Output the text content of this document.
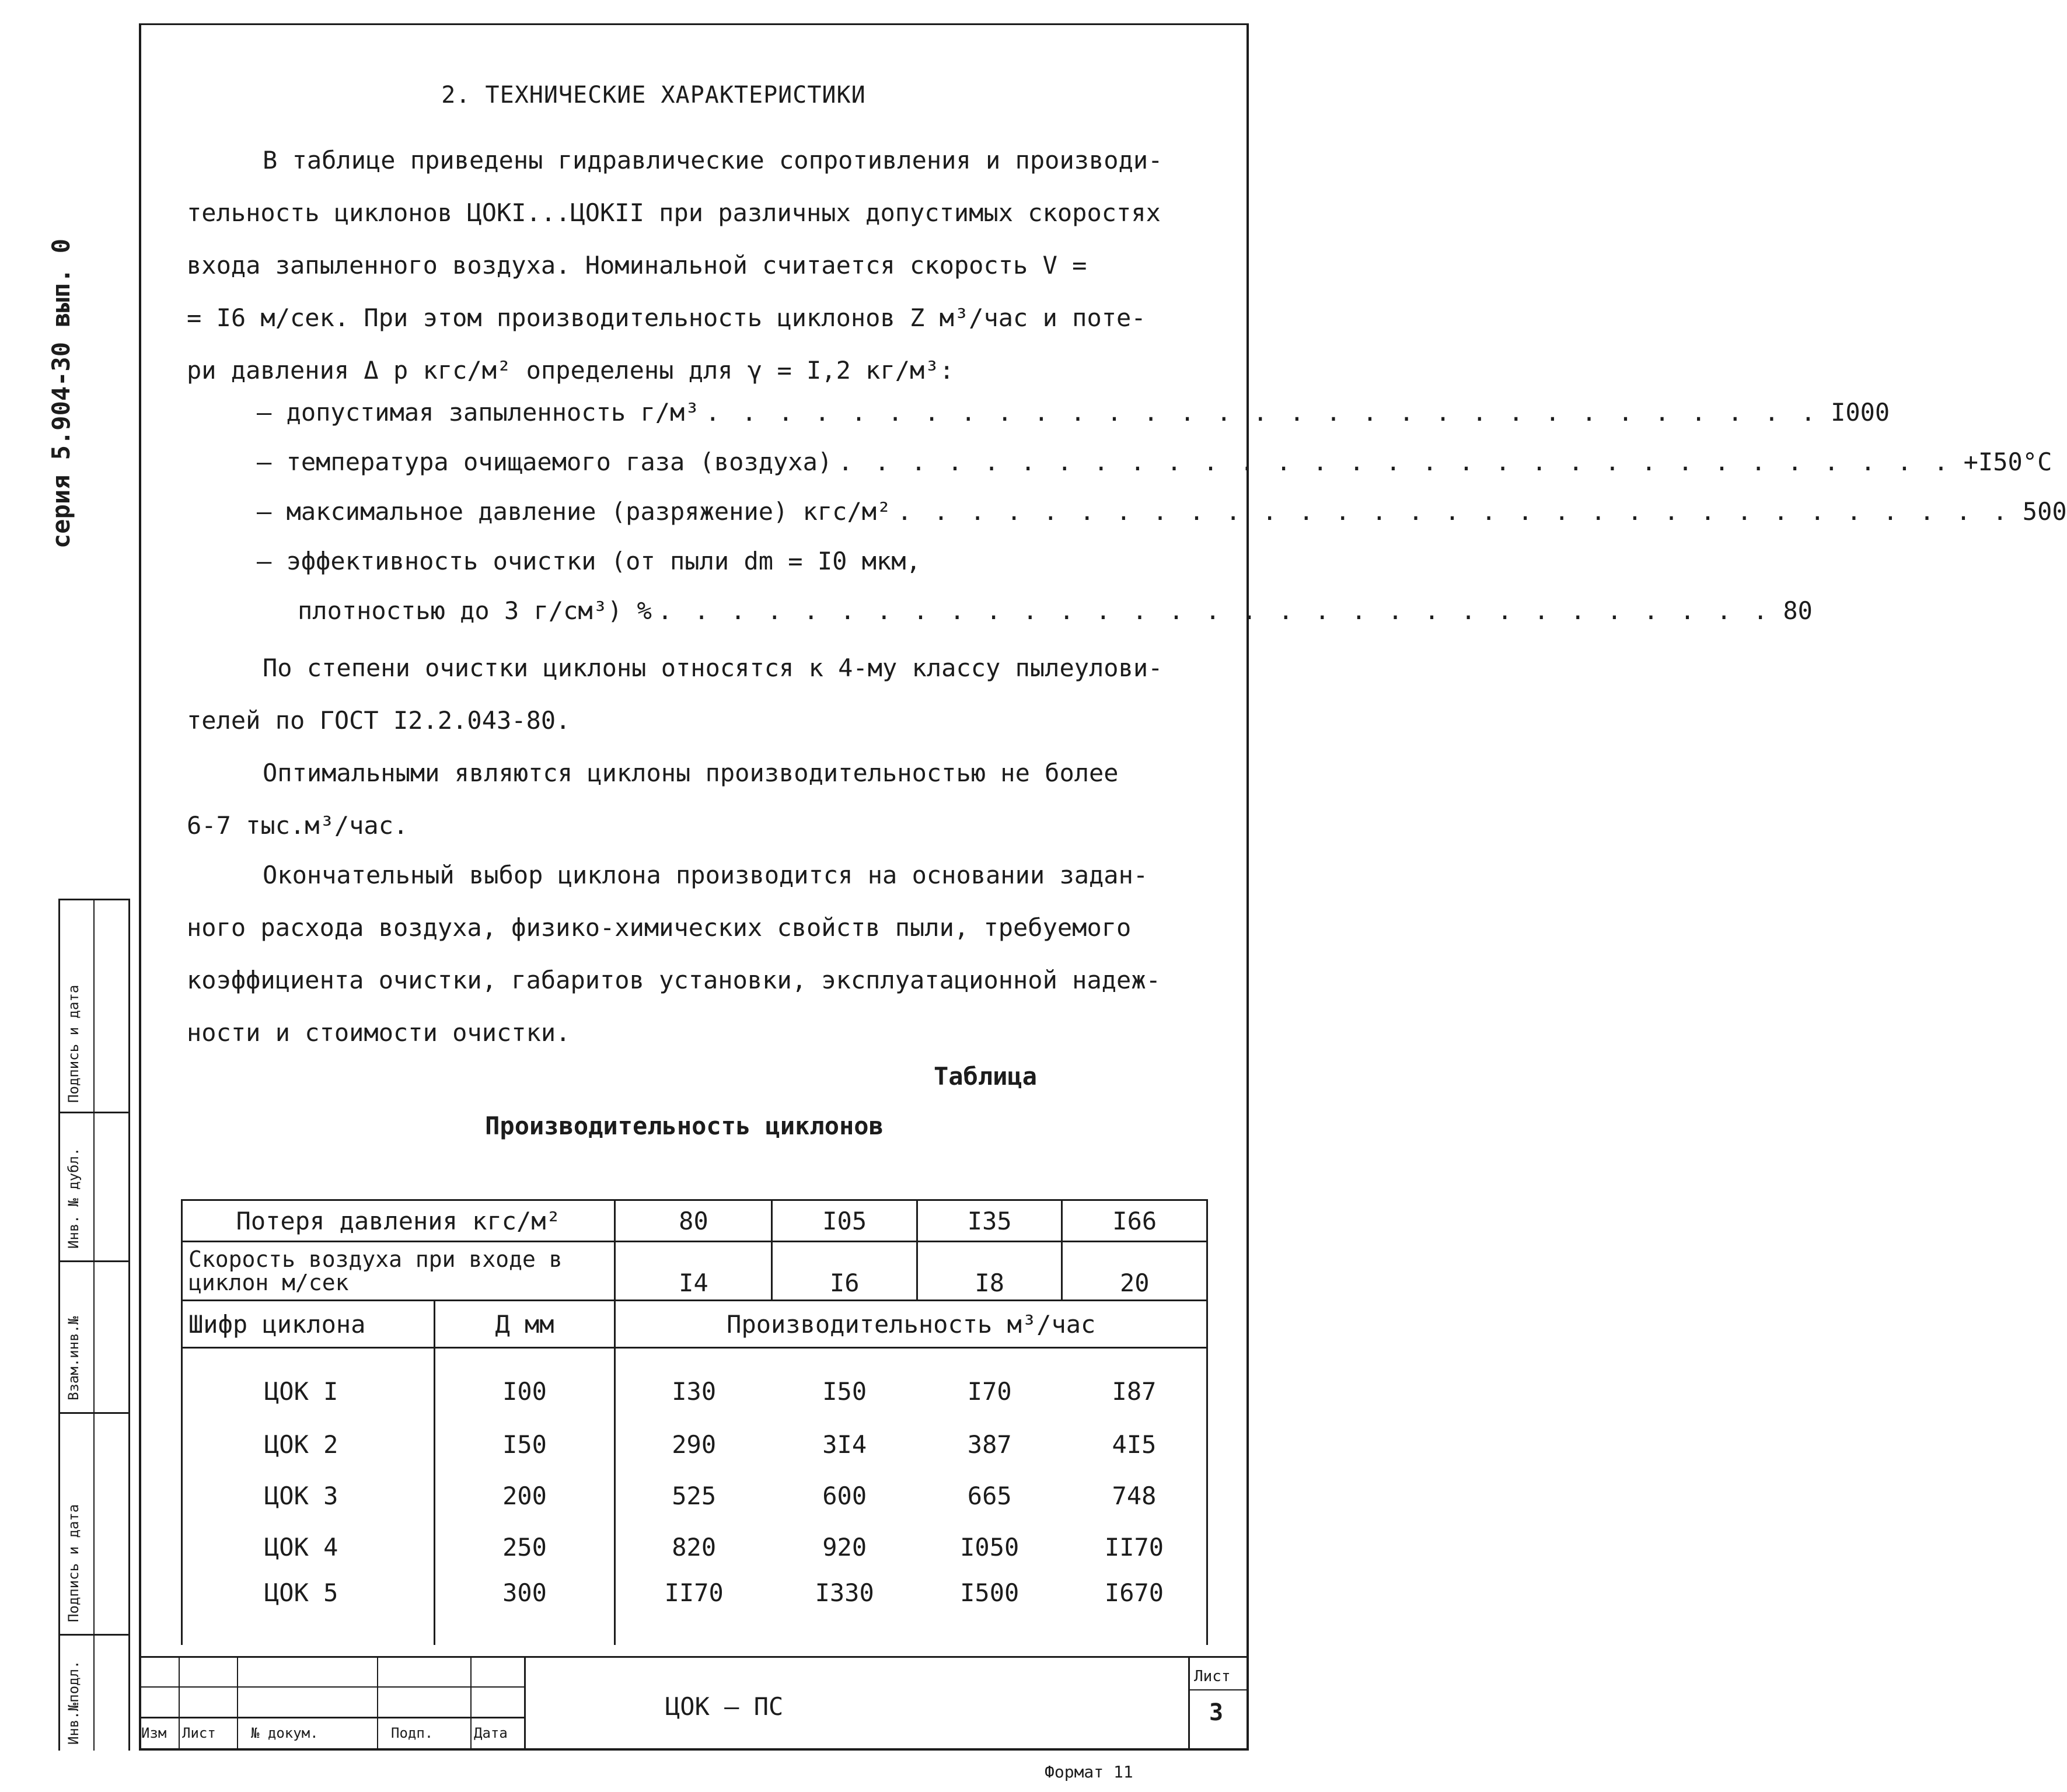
серия 5.904-30 вып. 0
Инв.№подл.
Подпись и дата
Взам.инв.№
Инв. № дубл.
Подпись и дата
2. ТЕХНИЧЕСКИЕ ХАРАКТЕРИСТИКИ
В таблице приведены гидравлические сопротивления и производи-
тельность циклонов ЦОКI...ЦОКII при различных допустимых скоростях
входа запыленного воздуха. Номинальной считается скорость V =
= I6 м/сек. При этом производительность циклонов Z м³/час и поте-
ри давления Δ р кгс/м² определены для γ = I,2 кг/м³:
– допустимая запыленность г/м³ . . . . . . . . . . . . . . . . . . . . . . . . . . . . . . . I000
– температура очищаемого газа (воздуха) . . . . . . . . . . . . . . . . . . . . . . . . . . . . . . . +I50°C
– максимальное давление (разряжение) кгс/м² . . . . . . . . . . . . . . . . . . . . . . . . . . . . . . . 500
– эффективность очистки (от пыли dm = I0 мкм,
плотностью до 3 г/см³) % . . . . . . . . . . . . . . . . . . . . . . . . . . . . . . . 80
По степени очистки циклоны относятся к 4-му классу пылеулови-
телей по ГОСТ I2.2.043-80.
Оптимальными являются циклоны производительностью не более
6-7 тыс.м³/час.
Окончательный выбор циклона производится на основании задан-
ного расхода воздуха, физико-химических свойств пыли, требуемого
коэффициента очистки, габаритов установки, эксплуатационной надеж-
ности и стоимости очистки.
Таблица
Производительность циклонов
Потеря давления кгс/м²		80	I05	I35	I66
Скорость воздуха при входе в циклон м/сек		I4	I6	I8	20
Шифр циклона	Д мм	Производительность м³/час			
ЦОК I	I00	I30	I50	I70	I87
ЦОК 2	I50	290	3I4	387	4I5
ЦОК 3	200	525	600	665	748
ЦОК 4	250	820	920	I050	II70
ЦОК 5	300	II70	I330	I500	I670
Изм Лист	№ докум.	Подп.	Дата
ЦОК – ПС
Лист
3
Формат 11
